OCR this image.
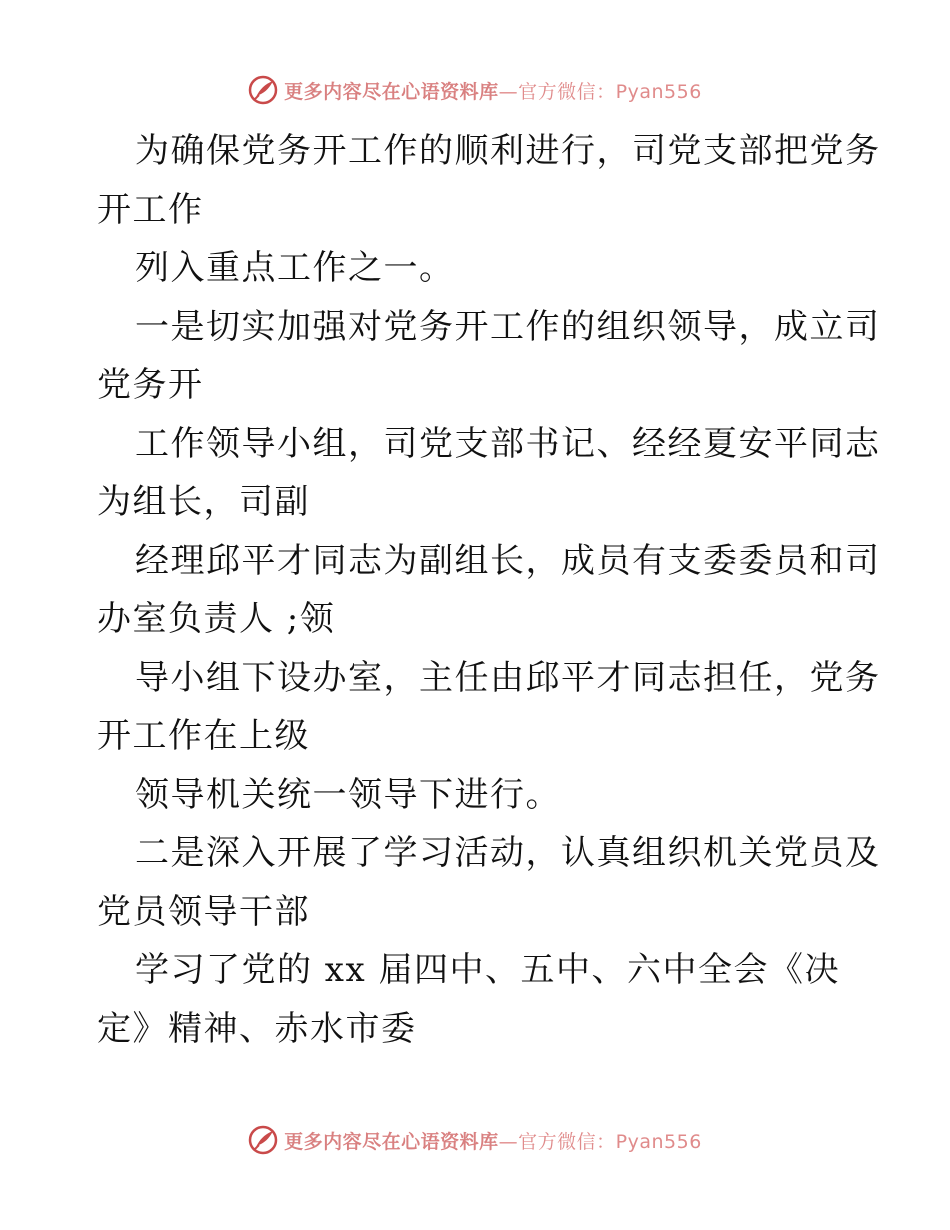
更多内容尽在心语资料库—官方微信：Pyan556
为确保党务开工作的顺利进行，司党支部把党务
开工作
列入重点工作之一。
一是切实加强对党务开工作的组织领导，成立司
党务开
工作领导小组，司党支部书记、经经夏安平同志
为组长，司副
经理邱平才同志为副组长，成员有支委委员和司
办室负责人 ;领
导小组下设办室，主任由邱平才同志担任，党务
开工作在上级
领导机关统一领导下进行。
二是深入开展了学习活动，认真组织机关党员及
党员领导干部
学习了党的 xx 届四中、五中、六中全会《决
定》精神、赤水市委
更多内容尽在心语资料库—官方微信：Pyan556
